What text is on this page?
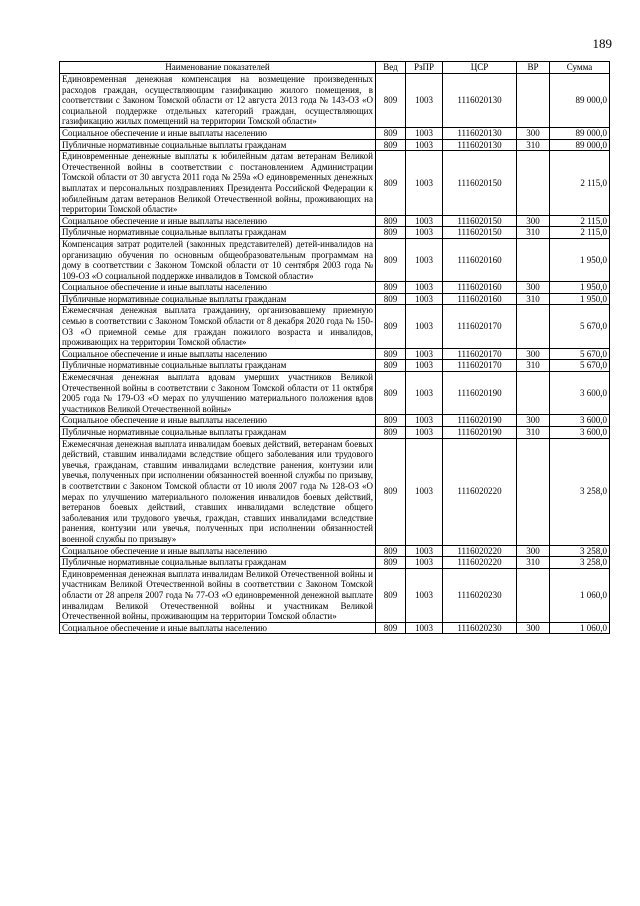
189
Наименование показателей	Вед	РзПР	ЦСР	ВР	Сумма
Единовременная денежная компенсация на возмещение произведенных расходов граждан, осуществляющим газификацию жилого помещения, в соответствии с Законом Томской области от 12 августа 2013 года № 143-ОЗ «О социальной поддержке отдельных категорий граждан, осуществляющих газификацию жилых помещений на территории Томской области»	809	1003	1116020130		89 000,0
Социальное обеспечение и иные выплаты населению	809	1003	1116020130	300	89 000,0
Публичные нормативные социальные выплаты гражданам	809	1003	1116020130	310	89 000,0
Единовременные денежные выплаты к юбилейным датам ветеранам Великой Отечественной войны в соответствии с постановлением Администрации Томской области от 30 августа 2011 года № 259а «О единовременных денежных выплатах и персональных поздравлениях Президента Российской Федерации к юбилейным датам ветеранов Великой Отечественной войны, проживающих на территории Томской области»	809	1003	1116020150		2 115,0
Социальное обеспечение и иные выплаты населению	809	1003	1116020150	300	2 115,0
Публичные нормативные социальные выплаты гражданам	809	1003	1116020150	310	2 115,0
Компенсация затрат родителей (законных представителей) детей-инвалидов на организацию обучения по основным общеобразовательным программам на дому в соответствии с Законом Томской области от 10 сентября 2003 года № 109-ОЗ «О социальной поддержке инвалидов в Томской области»	809	1003	1116020160		1 950,0
Социальное обеспечение и иные выплаты населению	809	1003	1116020160	300	1 950,0
Публичные нормативные социальные выплаты гражданам	809	1003	1116020160	310	1 950,0
Ежемесячная денежная выплата гражданину, организовавшему приемную семью в соответствии с Законом Томской области от 8 декабря 2020 года № 150-ОЗ «О приемной семье для граждан пожилого возраста и инвалидов, проживающих на территории Томской области»	809	1003	1116020170		5 670,0
Социальное обеспечение и иные выплаты населению	809	1003	1116020170	300	5 670,0
Публичные нормативные социальные выплаты гражданам	809	1003	1116020170	310	5 670,0
Ежемесячная денежная выплата вдовам умерших участников Великой Отечественной войны в соответствии с Законом Томской области от 11 октября 2005 года № 179-ОЗ «О мерах по улучшению материального положения вдов участников Великой Отечественной войны»	809	1003	1116020190		3 600,0
Социальное обеспечение и иные выплаты населению	809	1003	1116020190	300	3 600,0
Публичные нормативные социальные выплаты гражданам	809	1003	1116020190	310	3 600,0
Ежемесячная денежная выплата инвалидам боевых действий, ветеранам боевых действий, ставшим инвалидами вследствие общего заболевания или трудового увечья, гражданам, ставшим инвалидами вследствие ранения, контузии или увечья, полученных при исполнении обязанностей военной службы по призыву, в соответствии с Законом Томской области от 10 июля 2007 года № 128-ОЗ «О мерах по улучшению материального положения инвалидов боевых действий, ветеранов боевых действий, ставших инвалидами вследствие общего заболевания или трудового увечья, граждан, ставших инвалидами вследствие ранения, контузии или увечья, полученных при исполнении обязанностей военной службы по призыву»	809	1003	1116020220		3 258,0
Социальное обеспечение и иные выплаты населению	809	1003	1116020220	300	3 258,0
Публичные нормативные социальные выплаты гражданам	809	1003	1116020220	310	3 258,0
Единовременная денежная выплата инвалидам Великой Отечественной войны и участникам Великой Отечественной войны в соответствии с Законом Томской области от 28 апреля 2007 года № 77-ОЗ «О единовременной денежной выплате инвалидам Великой Отечественной войны и участникам Великой Отечественной войны, проживающим на территории Томской области»	809	1003	1116020230		1 060,0
Социальное обеспечение и иные выплаты населению	809	1003	1116020230	300	1 060,0
